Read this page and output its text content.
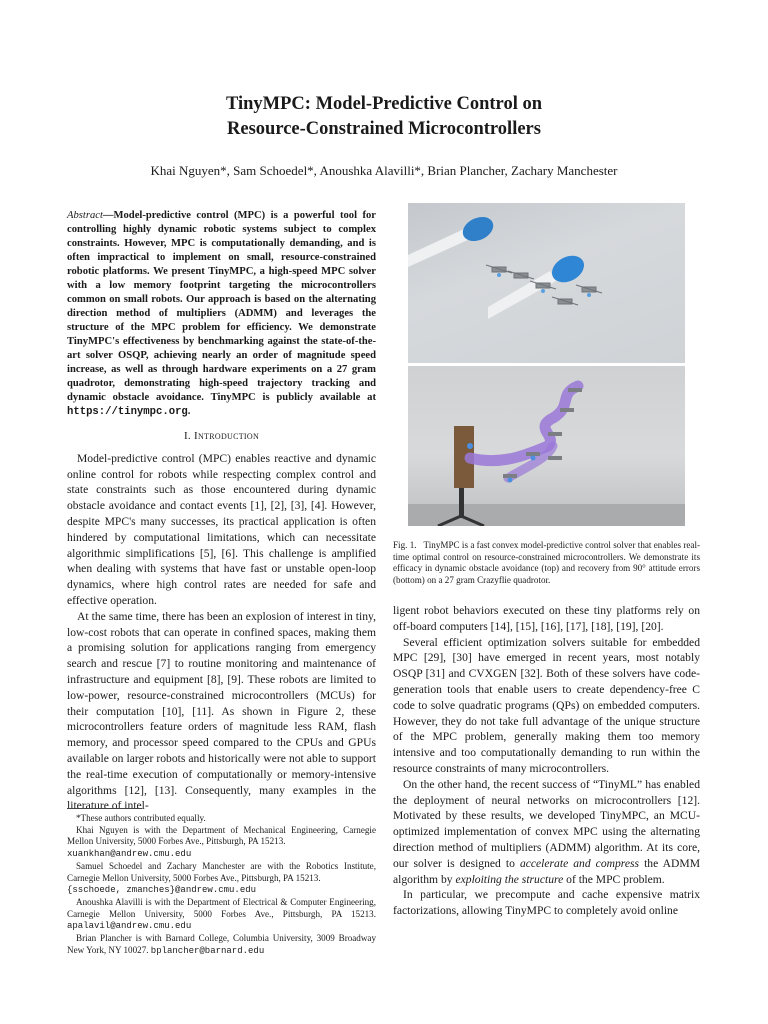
TinyMPC: Model-Predictive Control on
Resource-Constrained Microcontrollers
Khai Nguyen*, Sam Schoedel*, Anoushka Alavilli*, Brian Plancher, Zachary Manchester

Abstract—Model-predictive control (MPC) is a powerful tool for controlling highly dynamic robotic systems subject to complex constraints. However, MPC is computationally demanding, and is often impractical to implement on small, resource-constrained robotic platforms. We present TinyMPC, a high-speed MPC solver with a low memory footprint targeting the microcontrollers common on small robots. Our approach is based on the alternating direction method of multipliers (ADMM) and leverages the structure of the MPC problem for efficiency. We demonstrate TinyMPC's effectiveness by benchmarking against the state-of-the-art solver OSQP, achieving nearly an order of magnitude speed increase, as well as through hardware experiments on a 27 gram quadrotor, demonstrating high-speed trajectory tracking and dynamic obstacle avoidance. TinyMPC is publicly available at https://tinympc.org.

I. Introduction

Model-predictive control (MPC) enables reactive and dynamic online control for robots while respecting complex control and state constraints such as those encountered during dynamic obstacle avoidance and contact events [1], [2], [3], [4]. However, despite MPC's many successes, its practical application is often hindered by computational limitations, which can necessitate algorithmic simplifications [5], [6]. This challenge is amplified when dealing with systems that have fast or unstable open-loop dynamics, where high control rates are needed for safe and effective operation.

At the same time, there has been an explosion of interest in tiny, low-cost robots that can operate in confined spaces, making them a promising solution for applications ranging from emergency search and rescue [7] to routine monitoring and maintenance of infrastructure and equipment [8], [9]. These robots are limited to low-power, resource-constrained microcontrollers (MCUs) for their computation [10], [11]. As shown in Figure 2, these microcontrollers feature orders of magnitude less RAM, flash memory, and processor speed compared to the CPUs and GPUs available on larger robots and historically were not able to support the real-time execution of computationally or memory-intensive algorithms [12], [13]. Consequently, many examples in the literature of intel-

*These authors contributed equally.

Khai Nguyen is with the Department of Mechanical Engineering, Carnegie Mellon University, 5000 Forbes Ave., Pittsburgh, PA 15213.
xuankhan@andrew.cmu.edu

Samuel Schoedel and Zachary Manchester are with the Robotics Institute, Carnegie Mellon University, 5000 Forbes Ave., Pittsburgh, PA 15213.
{sschoede, zmanches}@andrew.cmu.edu

Anoushka Alavilli is with the Department of Electrical & Computer Engineering, Carnegie Mellon University, 5000 Forbes Ave., Pittsburgh, PA 15213. apalavil@andrew.cmu.edu

Brian Plancher is with Barnard College, Columbia University, 3009 Broadway New York, NY 10027. bplancher@barnard.edu

Fig. 1. TinyMPC is a fast convex model-predictive control solver that enables real-time optimal control on resource-constrained microcontrollers. We demonstrate its efficacy in dynamic obstacle avoidance (top) and recovery from 90° attitude errors (bottom) on a 27 gram Crazyflie quadrotor.

ligent robot behaviors executed on these tiny platforms rely on off-board computers [14], [15], [16], [17], [18], [19], [20].

Several efficient optimization solvers suitable for embedded MPC [29], [30] have emerged in recent years, most notably OSQP [31] and CVXGEN [32]. Both of these solvers have code-generation tools that enable users to create dependency-free C code to solve quadratic programs (QPs) on embedded computers. However, they do not take full advantage of the unique structure of the MPC problem, generally making them too memory intensive and too computationally demanding to run within the resource constraints of many microcontrollers.

On the other hand, the recent success of “TinyML” has enabled the deployment of neural networks on microcontrollers [12]. Motivated by these results, we developed TinyMPC, an MCU-optimized implementation of convex MPC using the alternating direction method of multipliers (ADMM) algorithm. At its core, our solver is designed to accelerate and compress the ADMM algorithm by exploiting the structure of the MPC problem.

In particular, we precompute and cache expensive matrix factorizations, allowing TinyMPC to completely avoid online
